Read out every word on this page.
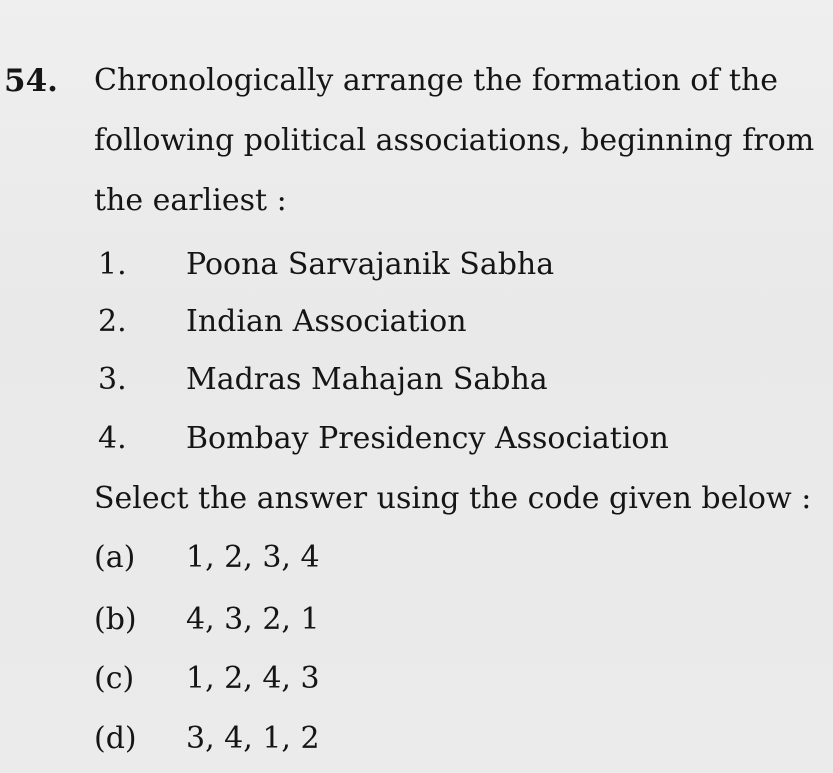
54. Chronologically arrange the formation of the
following political associations, beginning from
the earliest :
1. Poona Sarvajanik Sabha
2. Indian Association
3. Madras Mahajan Sabha
4. Bombay Presidency Association
Select the answer using the code given below :
(a) 1, 2, 3, 4
(b) 4, 3, 2, 1
(c) 1, 2, 4, 3
(d) 3, 4, 1, 2
